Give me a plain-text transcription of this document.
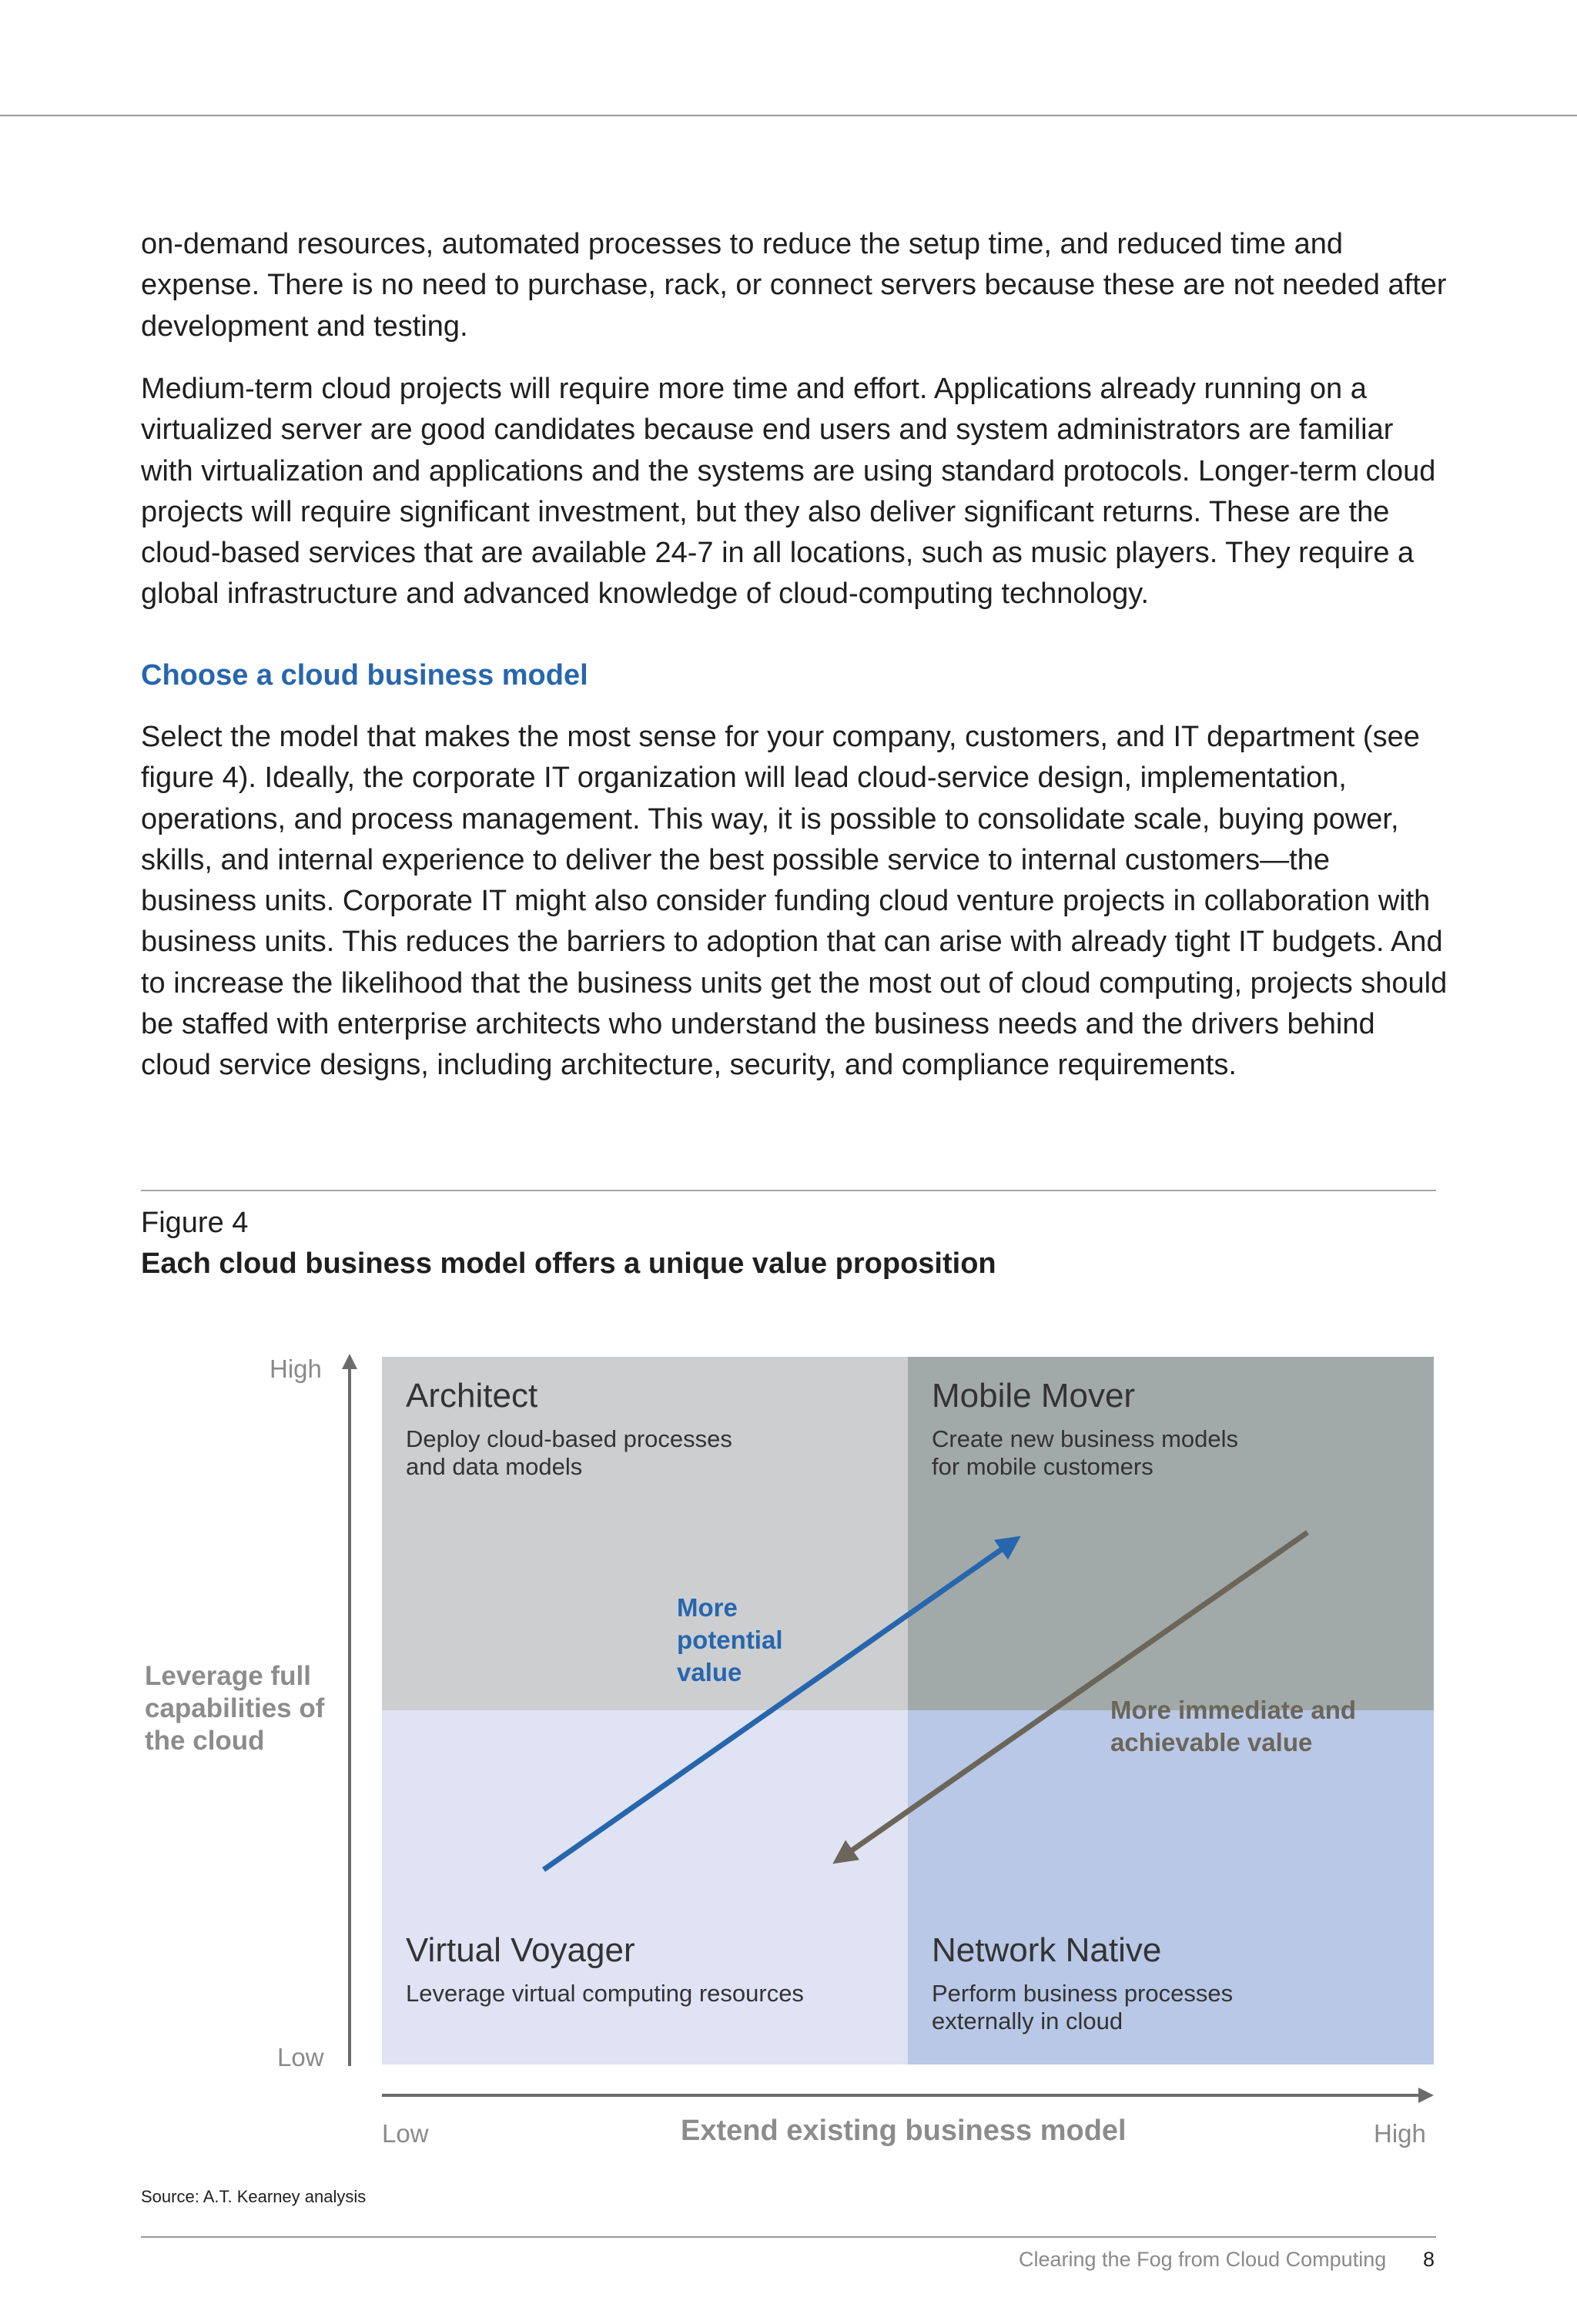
on-demand resources, automated processes to reduce the setup time, and reduced time and expense. There is no need to purchase, rack, or connect servers because these are not needed after development and testing.

Medium-term cloud projects will require more time and effort. Applications already running on a virtualized server are good candidates because end users and system administrators are familiar with virtualization and applications and the systems are using standard protocols. Longer-term cloud projects will require significant investment, but they also deliver significant returns. These are the cloud-based services that are available 24-7 in all locations, such as music players. They require a global infrastructure and advanced knowledge of cloud-computing technology.

Choose a cloud business model

Select the model that makes the most sense for your company, customers, and IT department (see figure 4). Ideally, the corporate IT organization will lead cloud-service design, implementation, operations, and process management. This way, it is possible to consolidate scale, buying power, skills, and internal experience to deliver the best possible service to internal customers—the business units. Corporate IT might also consider funding cloud venture projects in collaboration with business units. This reduces the barriers to adoption that can arise with already tight IT budgets. And to increase the likelihood that the business units get the most out of cloud computing, projects should be staffed with enterprise architects who understand the business needs and the drivers behind cloud service designs, including architecture, security, and compliance requirements.

Figure 4
Each cloud business model offers a unique value proposition
Architect
Deploy cloud-based processes
and data models
Mobile Mover
Create new business models
for mobile customers
Virtual Voyager
Leverage virtual computing resources
Network Native
Perform business processes
externally in cloud
High
Low
Leverage full capabilities of the cloud
Low	High
Extend existing business model
More potential value
More immediate and achievable value
Source: A.T. Kearney analysis
Clearing the Fog from Cloud Computing 8
